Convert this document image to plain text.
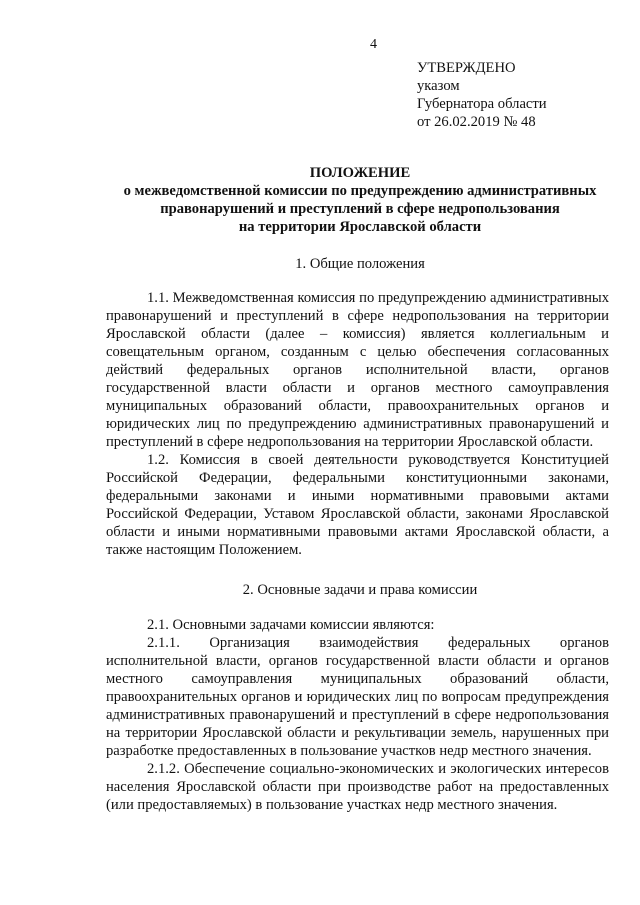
4
УТВЕРЖДЕНО
указом
Губернатора области
от 26.02.2019 № 48
ПОЛОЖЕНИЕ
о межведомственной комиссии по предупреждению административных
правонарушений и преступлений в сфере недропользования
на территории Ярославской области
1. Общие положения

1.1. Межведомственная комиссия по предупреждению административных правонарушений и преступлений в сфере недропользования на территории Ярославской области (далее – комиссия) является коллегиальным и совещательным органом, созданным с целью обеспечения согласованных действий федеральных органов исполнительной власти, органов государственной власти области и органов местного самоуправления муниципальных образований области, правоохранительных органов и юридических лиц по предупреждению административных правонарушений и преступлений в сфере недропользования на территории Ярославской области.

1.2. Комиссия в своей деятельности руководствуется Конституцией Российской Федерации, федеральными конституционными законами, федеральными законами и иными нормативными правовыми актами Российской Федерации, Уставом Ярославской области, законами Ярославской области и иными нормативными правовыми актами Ярославской области, а также настоящим Положением.

2. Основные задачи и права комиссии

2.1. Основными задачами комиссии являются:

2.1.1. Организация взаимодействия федеральных органов исполнительной власти, органов государственной власти области и органов местного самоуправления муниципальных образований области, правоохранительных органов и юридических лиц по вопросам предупреждения административных правонарушений и преступлений в сфере недропользования на территории Ярославской области и рекультивации земель, нарушенных при разработке предоставленных в пользование участков недр местного значения.

2.1.2. Обеспечение социально-экономических и экологических интересов населения Ярославской области при производстве работ на предоставленных (или предоставляемых) в пользование участках недр местного значения.
